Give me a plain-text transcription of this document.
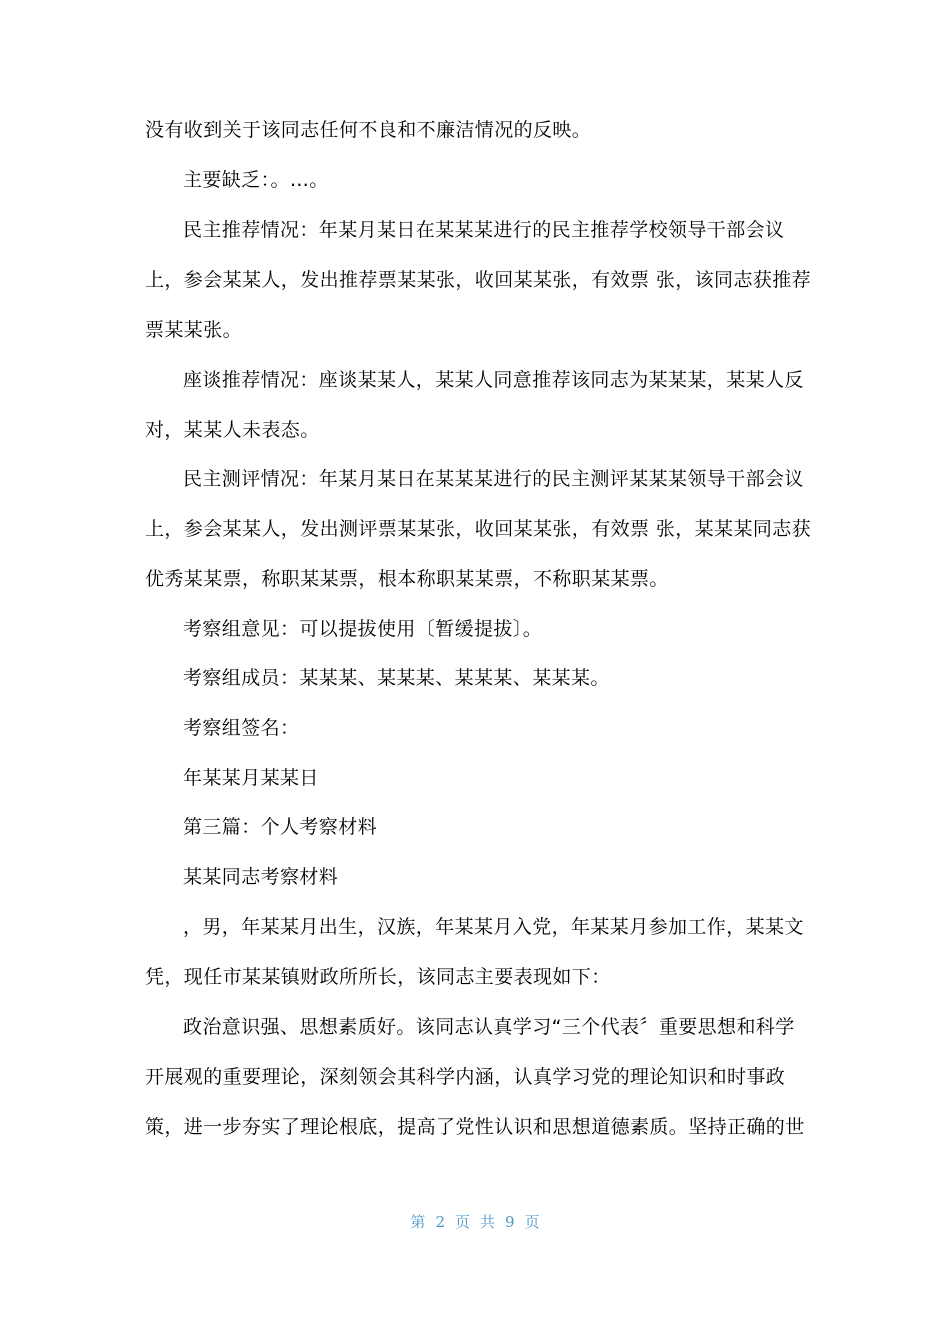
没有收到关于该同志任何不良和不廉洁情况的反映。
主要缺乏：。…。
民主推荐情况：年某月某日在某某某进行的民主推荐学校领导干部会议
上，参会某某人，发出推荐票某某张，收回某某张，有效票 张，该同志获推荐
票某某张。
座谈推荐情况：座谈某某人，某某人同意推荐该同志为某某某，某某人反
对，某某人未表态。
民主测评情况：年某月某日在某某某进行的民主测评某某某领导干部会议
上，参会某某人，发出测评票某某张，收回某某张，有效票 张，某某某同志获
优秀某某票，称职某某票，根本称职某某票，不称职某某票。
考察组意见：可以提拔使用〔暂缓提拔〕。
考察组成员：某某某、某某某、某某某、某某某。
考察组签名：
年某某月某某日
第三篇：个人考察材料
某某同志考察材料
，男，年某某月出生，汉族，年某某月入党，年某某月参加工作，某某文
凭，现任市某某镇财政所所长，该同志主要表现如下：
政治意识强、思想素质好。该同志认真学习“三个代表〞重要思想和科学
开展观的重要理论，深刻领会其科学内涵，认真学习党的理论知识和时事政
策，进一步夯实了理论根底，提高了党性认识和思想道德素质。坚持正确的世
第 2 页 共 9 页
